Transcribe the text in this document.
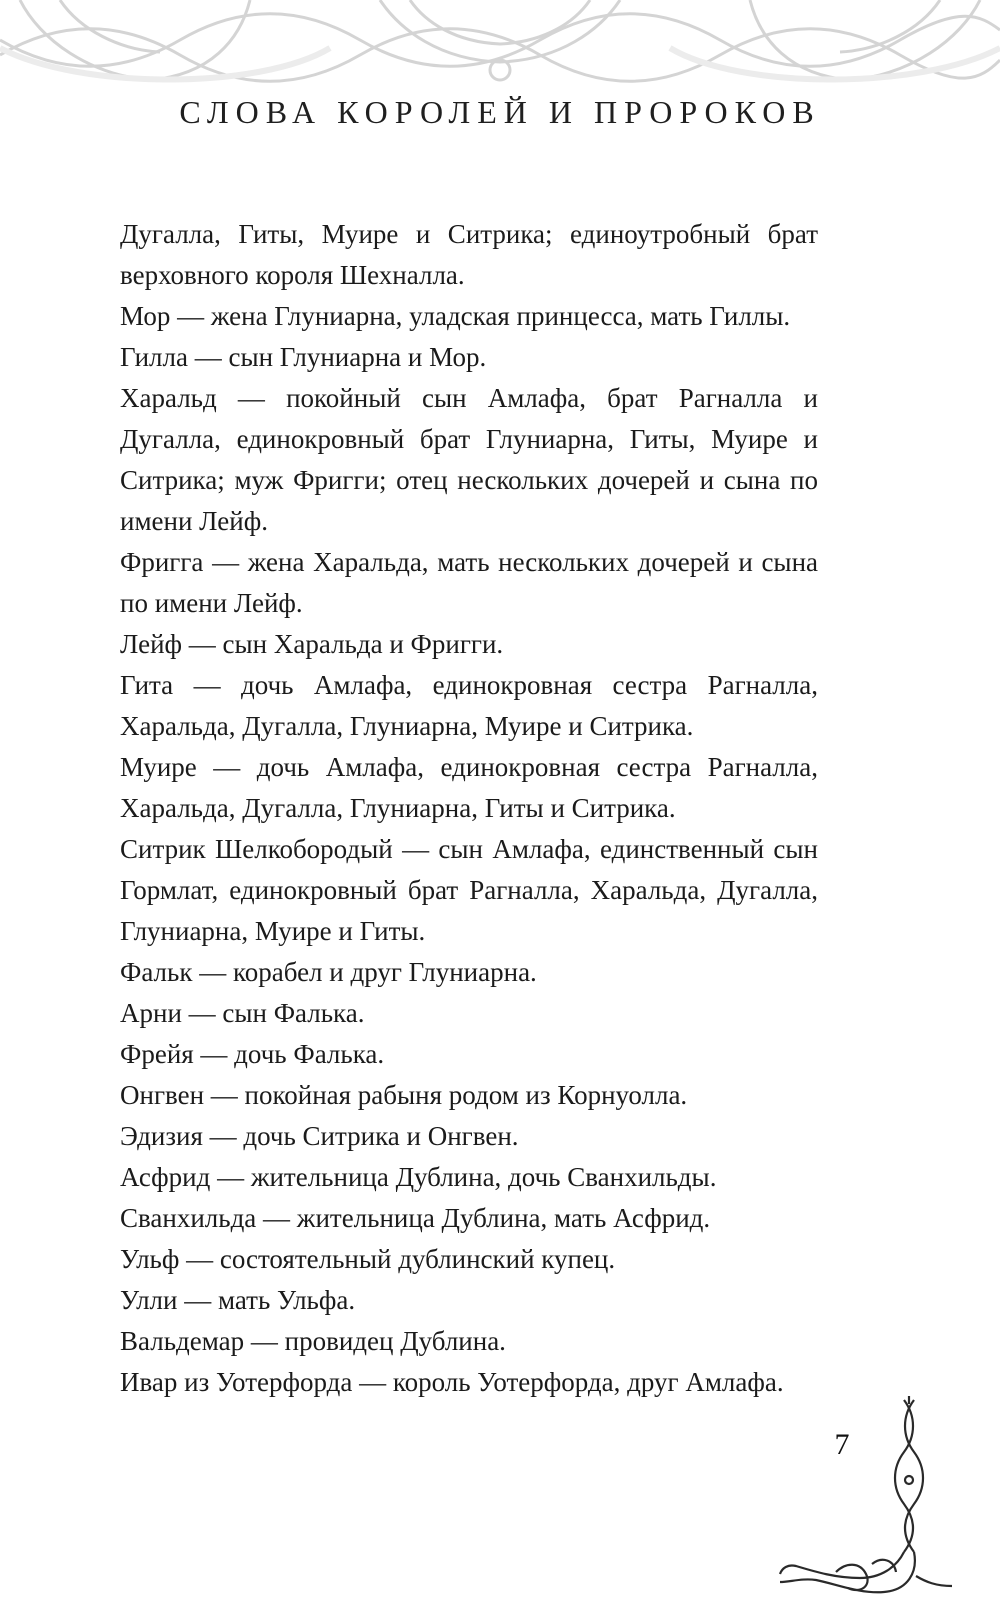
СЛОВА КОРОЛЕЙ И ПРОРОКОВ
Дугалла, Гиты, Муире и Ситрика; единоутробный брат верховного короля Шехналла.
Мор — жена Глуниарна, уладская принцесса, мать Гиллы.
Гилла — сын Глуниарна и Мор.
Харальд — покойный сын Амлафа, брат Рагналла и Дугалла, единокровный брат Глуниарна, Гиты, Муире и Ситрика; муж Фригги; отец нескольких дочерей и сына по имени Лейф.
Фригга — жена Харальда, мать нескольких дочерей и сына по имени Лейф.
Лейф — сын Харальда и Фригги.
Гита — дочь Амлафа, единокровная сестра Рагналла, Харальда, Дугалла, Глуниарна, Муире и Ситрика.
Муире — дочь Амлафа, единокровная сестра Рагналла, Харальда, Дугалла, Глуниарна, Гиты и Ситрика.
Ситрик Шелкобородый — сын Амлафа, единственный сын Гормлат, единокровный брат Рагналла, Харальда, Дугалла, Глуниарна, Муире и Гиты.
Фальк — корабел и друг Глуниарна.
Арни — сын Фалька.
Фрейя — дочь Фалька.
Онгвен — покойная рабыня родом из Корнуолла.
Эдизия — дочь Ситрика и Онгвен.
Асфрид — жительница Дублина, дочь Сванхильды.
Сванхильда — жительница Дублина, мать Асфрид.
Ульф — состоятельный дублинский купец.
Улли — мать Ульфа.
Вальдемар — провидец Дублина.
Ивар из Уотерфорда — король Уотерфорда, друг Амлафа.
7
